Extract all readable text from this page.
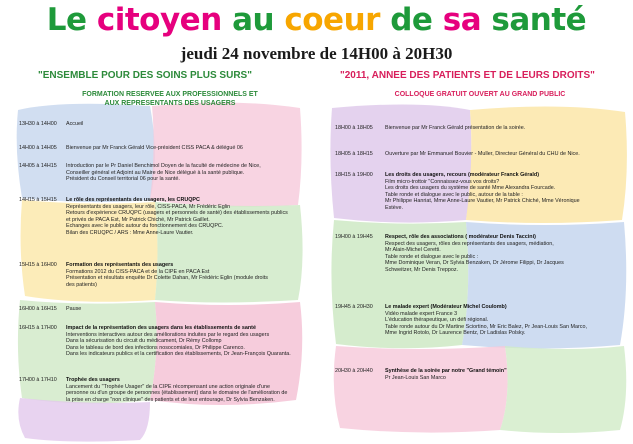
Le citoyen au coeur de sa santé
jeudi 24 novembre de 14H00 à 20H30
"ENSEMBLE POUR DES SOINS PLUS SURS"
FORMATION RESERVEE AUX PROFESSIONNELS ET
AUX REPRESENTANTS DES USAGERS
"2011, ANNEE DES PATIENTS ET DE LEURS DROITS"
COLLOQUE GRATUIT OUVERT AU GRAND PUBLIC
13H30 à 14H00 Accueil
14H00 à 14H05 Bienvenue par Mr Franck Gérald Vice-président CISS PACA & délégué 06
14H05 à 14H15 Introduction par le Pr Daniel Benchimol Doyen de la faculté de médecine de Nice,
Conseiller général et Adjoint au Maire de Nice délégué à la santé publique.
Président du Conseil territorial 06 pour la santé.
14H15 à 15H15 Le rôle des représentants des usagers, les CRUQPC
Représentants des usagers, leur rôle, CISS-PACA, Mr Frédéric Eglin
Retours d'expérience CRUQPC (usagers et personnels de santé) des établissements publics
et privés de PACA Est, Mr Patrick Chiché, Mr Patrick Gaillet.
Echanges avec le public autour du fonctionnement des CRUQPC.
Bilan des CRUQPC / ARS : Mme Anne-Laure Vautier.
15H15 à 16H00 Formation des représentants des usagers
Formations 2012 du CISS-PACA et de la CIPE en PACA Est
Présentation et résultats enquête Dr Colette Dahan, Mr Frédéric Eglin (module droits
des patients)
16H00 à 16H15 Pause
16H15 à 17H00 Impact de la représentation des usagers dans les établissements de santé
Interventions interactives autour des améliorations induites par le regard des usagers
Dans la sécurisation du circuit du médicament, Dr Rémy Collomp
Dans le tableau de bord des infections nosocomiales, Dr Philippe Carenco.
Dans les indicateurs publics et la certification des établissements, Dr Jean-François Quaranta.
17H00 à 17H10 Trophée des usagers
Lancement du "Trophée Usager" de la CIPE récompensant une action originale d'une
personne ou d'un groupe de personnes (établissement) dans le domaine de l'amélioration de
la prise en charge "non clinique" des patients et de leur entourage, Dr Sylvia Benzaken.
18H00 à 18H05 Bienvenue par Mr Franck Gérald présentation de la soirée.
18H05 à 18H15 Ouverture par Mr Emmanuel Bouvier - Muller, Directeur Général du CHU de Nice.
18H15 à 19H00 Les droits des usagers, recours (modérateur Franck Gérald)
Film micro-trottoir "Connaissez-vous vos droits?
Les droits des usagers du système de santé Mme Alexandra Fourcade.
Table ronde et dialogue avec le public, autour de la table :
Mr Philippe Hanriat, Mme Anne-Laure Vautier, Mr Patrick Chiché, Mme Véronique
Estève.
19H00 à 19H45 Respect, rôle des associations ( modérateur Denis Taccini)
Respect des usagers, rôles des représentants des usagers, médiation,
Mr Alain-Michel Ceretti.
Table ronde et dialogue avec le public :
Mme Dominique Veran, Dr Sylvia Benzaken, Dr Jérome Filippi, Dr Jacques
Schweitzer, Mr Denis Treppoz.
19H45 à 20H30 Le malade expert (Modérateur Michel Coulomb)
Vidéo malade expert France 3
L'éducation thérapeutique, un défi régional.
Table ronde autour du Dr Martine Sciortino, Mr Eric Balez, Pr Jean-Louis San Marco,
Mme Ingrid Rotolo, Dr Laurence Bentz, Dr Ladislas Polsky.
20H30 à 20H40 Synthèse de la soirée par notre "Grand témoin"
Pr Jean-Louis San Marco
